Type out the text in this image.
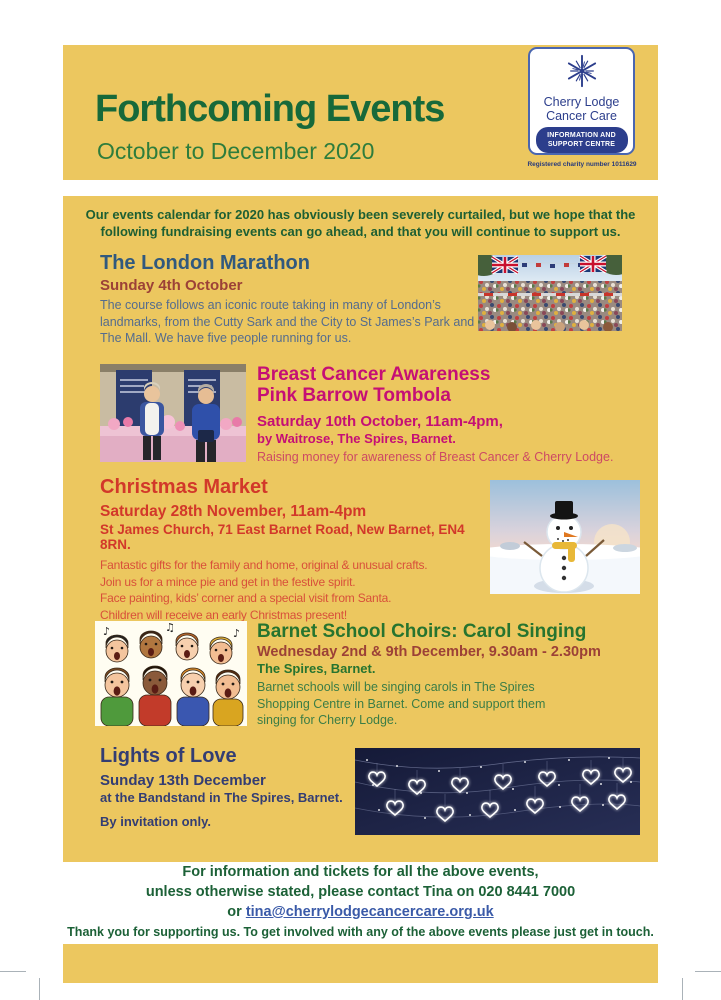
Forthcoming Events
October to December 2020
Cherry Lodge
Cancer Care
INFORMATION AND
SUPPORT CENTRE
Registered charity number 1011629
Our events calendar for 2020 has obviously been severely curtailed, but we hope that the following fundraising events can go ahead, and that you will continue to support us.
The London Marathon
Sunday 4th October
The course follows an iconic route taking in many of London’s landmarks, from the Cutty Sark and the City to St James’s Park and The Mall. We have five people running for us.
Breast Cancer Awareness
Pink Barrow Tombola
Saturday 10th October, 11am-4pm,
by Waitrose, The Spires, Barnet.
Raising money for awareness of Breast Cancer & Cherry Lodge.
Christmas Market
Saturday 28th November, 11am-4pm
St James Church, 71 East Barnet Road, New Barnet, EN4 8RN.
Fantastic gifts for the family and home, original & unusual crafts.
Join us for a mince pie and get in the festive spirit.
Face painting, kids’ corner and a special visit from Santa.
Children will receive an early Christmas present!
♪	♫	♪ Barnet School Choirs: Carol Singing
Wednesday 2nd & 9th December, 9.30am - 2.30pm
The Spires, Barnet.
Barnet schools will be singing carols in The Spires Shopping Centre in Barnet. Come and support them singing for Cherry Lodge.
Lights of Love
Sunday 13th December
at the Bandstand in The Spires, Barnet.
By invitation only.
For information and tickets for all the above events,
unless otherwise stated, please contact Tina on 020 8441 7000
or tina@cherrylodgecancercare.org.uk
Thank you for supporting us. To get involved with any of the above events please just get in touch.
